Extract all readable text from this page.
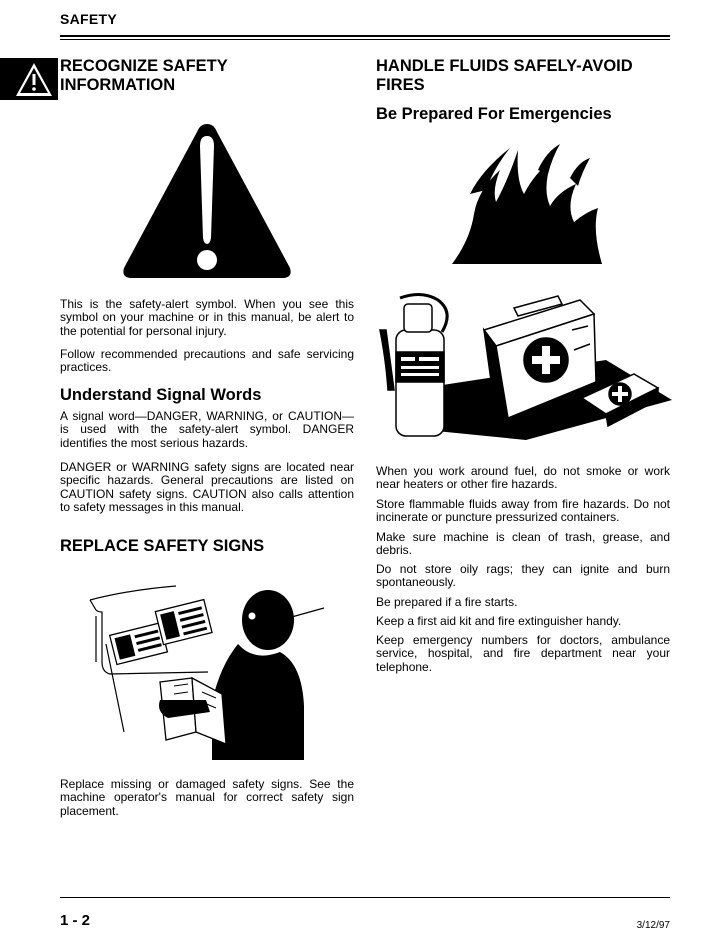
SAFETY
RECOGNIZE SAFETY INFORMATION
This is the safety-alert symbol. When you see this symbol on your machine or in this manual, be alert to the potential for personal injury.
Follow recommended precautions and safe servicing practices.
Understand Signal Words
A signal word—DANGER, WARNING, or CAUTION—is used with the safety-alert symbol. DANGER identifies the most serious hazards.
DANGER or WARNING safety signs are located near specific hazards. General precautions are listed on CAUTION safety signs. CAUTION also calls attention to safety messages in this manual.
REPLACE SAFETY SIGNS
Replace missing or damaged safety signs. See the machine operator's manual for correct safety sign placement.
HANDLE FLUIDS SAFELY-AVOID FIRES
Be Prepared For Emergencies
When you work around fuel, do not smoke or work near heaters or other fire hazards.
Store flammable fluids away from fire hazards. Do not incinerate or puncture pressurized containers.
Make sure machine is clean of trash, grease, and debris.
Do not store oily rags; they can ignite and burn spontaneously.
Be prepared if a fire starts.
Keep a first aid kit and fire extinguisher handy.
Keep emergency numbers for doctors, ambulance service, hospital, and fire department near your telephone.
1 - 2	3/12/97
